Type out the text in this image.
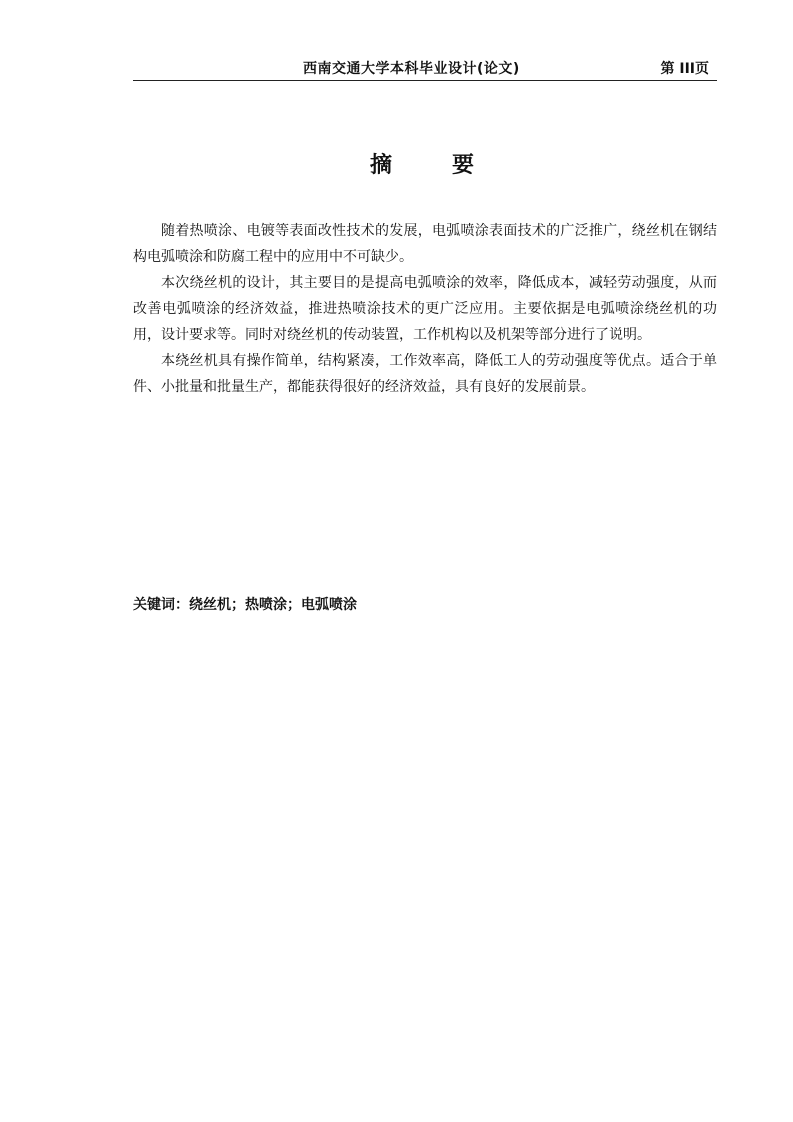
西南交通大学本科毕业设计(论文)	第 III页
摘要

随着热喷涂、电镀等表面改性技术的发展，电弧喷涂表面技术的广泛推广，绕丝机在钢结构电弧喷涂和防腐工程中的应用中不可缺少。

本次绕丝机的设计，其主要目的是提高电弧喷涂的效率，降低成本，减轻劳动强度，从而改善电弧喷涂的经济效益，推进热喷涂技术的更广泛应用。主要依据是电弧喷涂绕丝机的功用，设计要求等。同时对绕丝机的传动装置，工作机构以及机架等部分进行了说明。

本绕丝机具有操作简单，结构紧凑，工作效率高，降低工人的劳动强度等优点。适合于单件、小批量和批量生产，都能获得很好的经济效益，具有良好的发展前景。

关键词：绕丝机；热喷涂；电弧喷涂
